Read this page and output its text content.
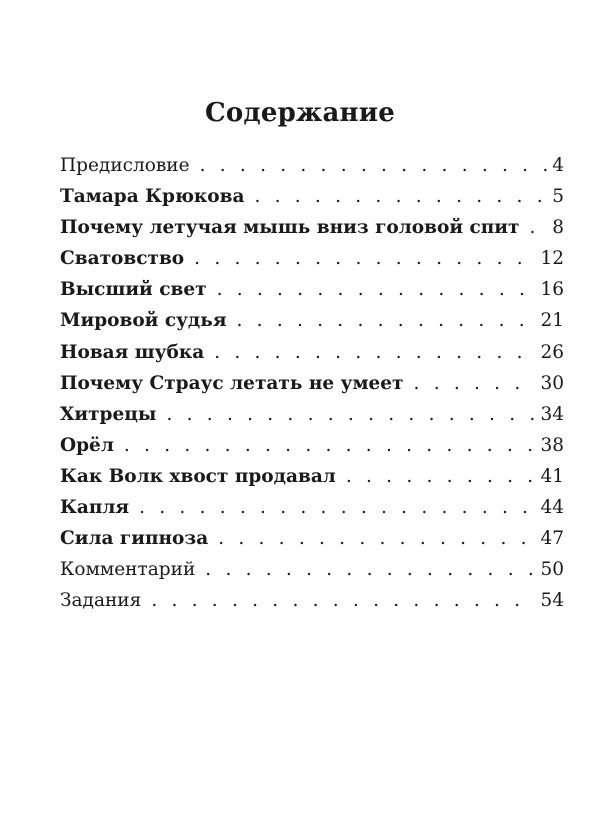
Содержание
Предисловие . . .	4
Тамара Крюкова . . .	5
Почему летучая мышь вниз головой спит . . . 8
Сватовство . . .	12
Высший свет . . .	16
Мировой судья . . .	21
Новая шубка . . .	26
Почему Страус летать не умеет . . .	30
Хитрецы . . .	34
Орёл . . .	38
Как Волк хвост продавал . . .	41
Капля . . .	44
Сила гипноза . . .	47
Комментарий . . .	50
Задания . . .	54
